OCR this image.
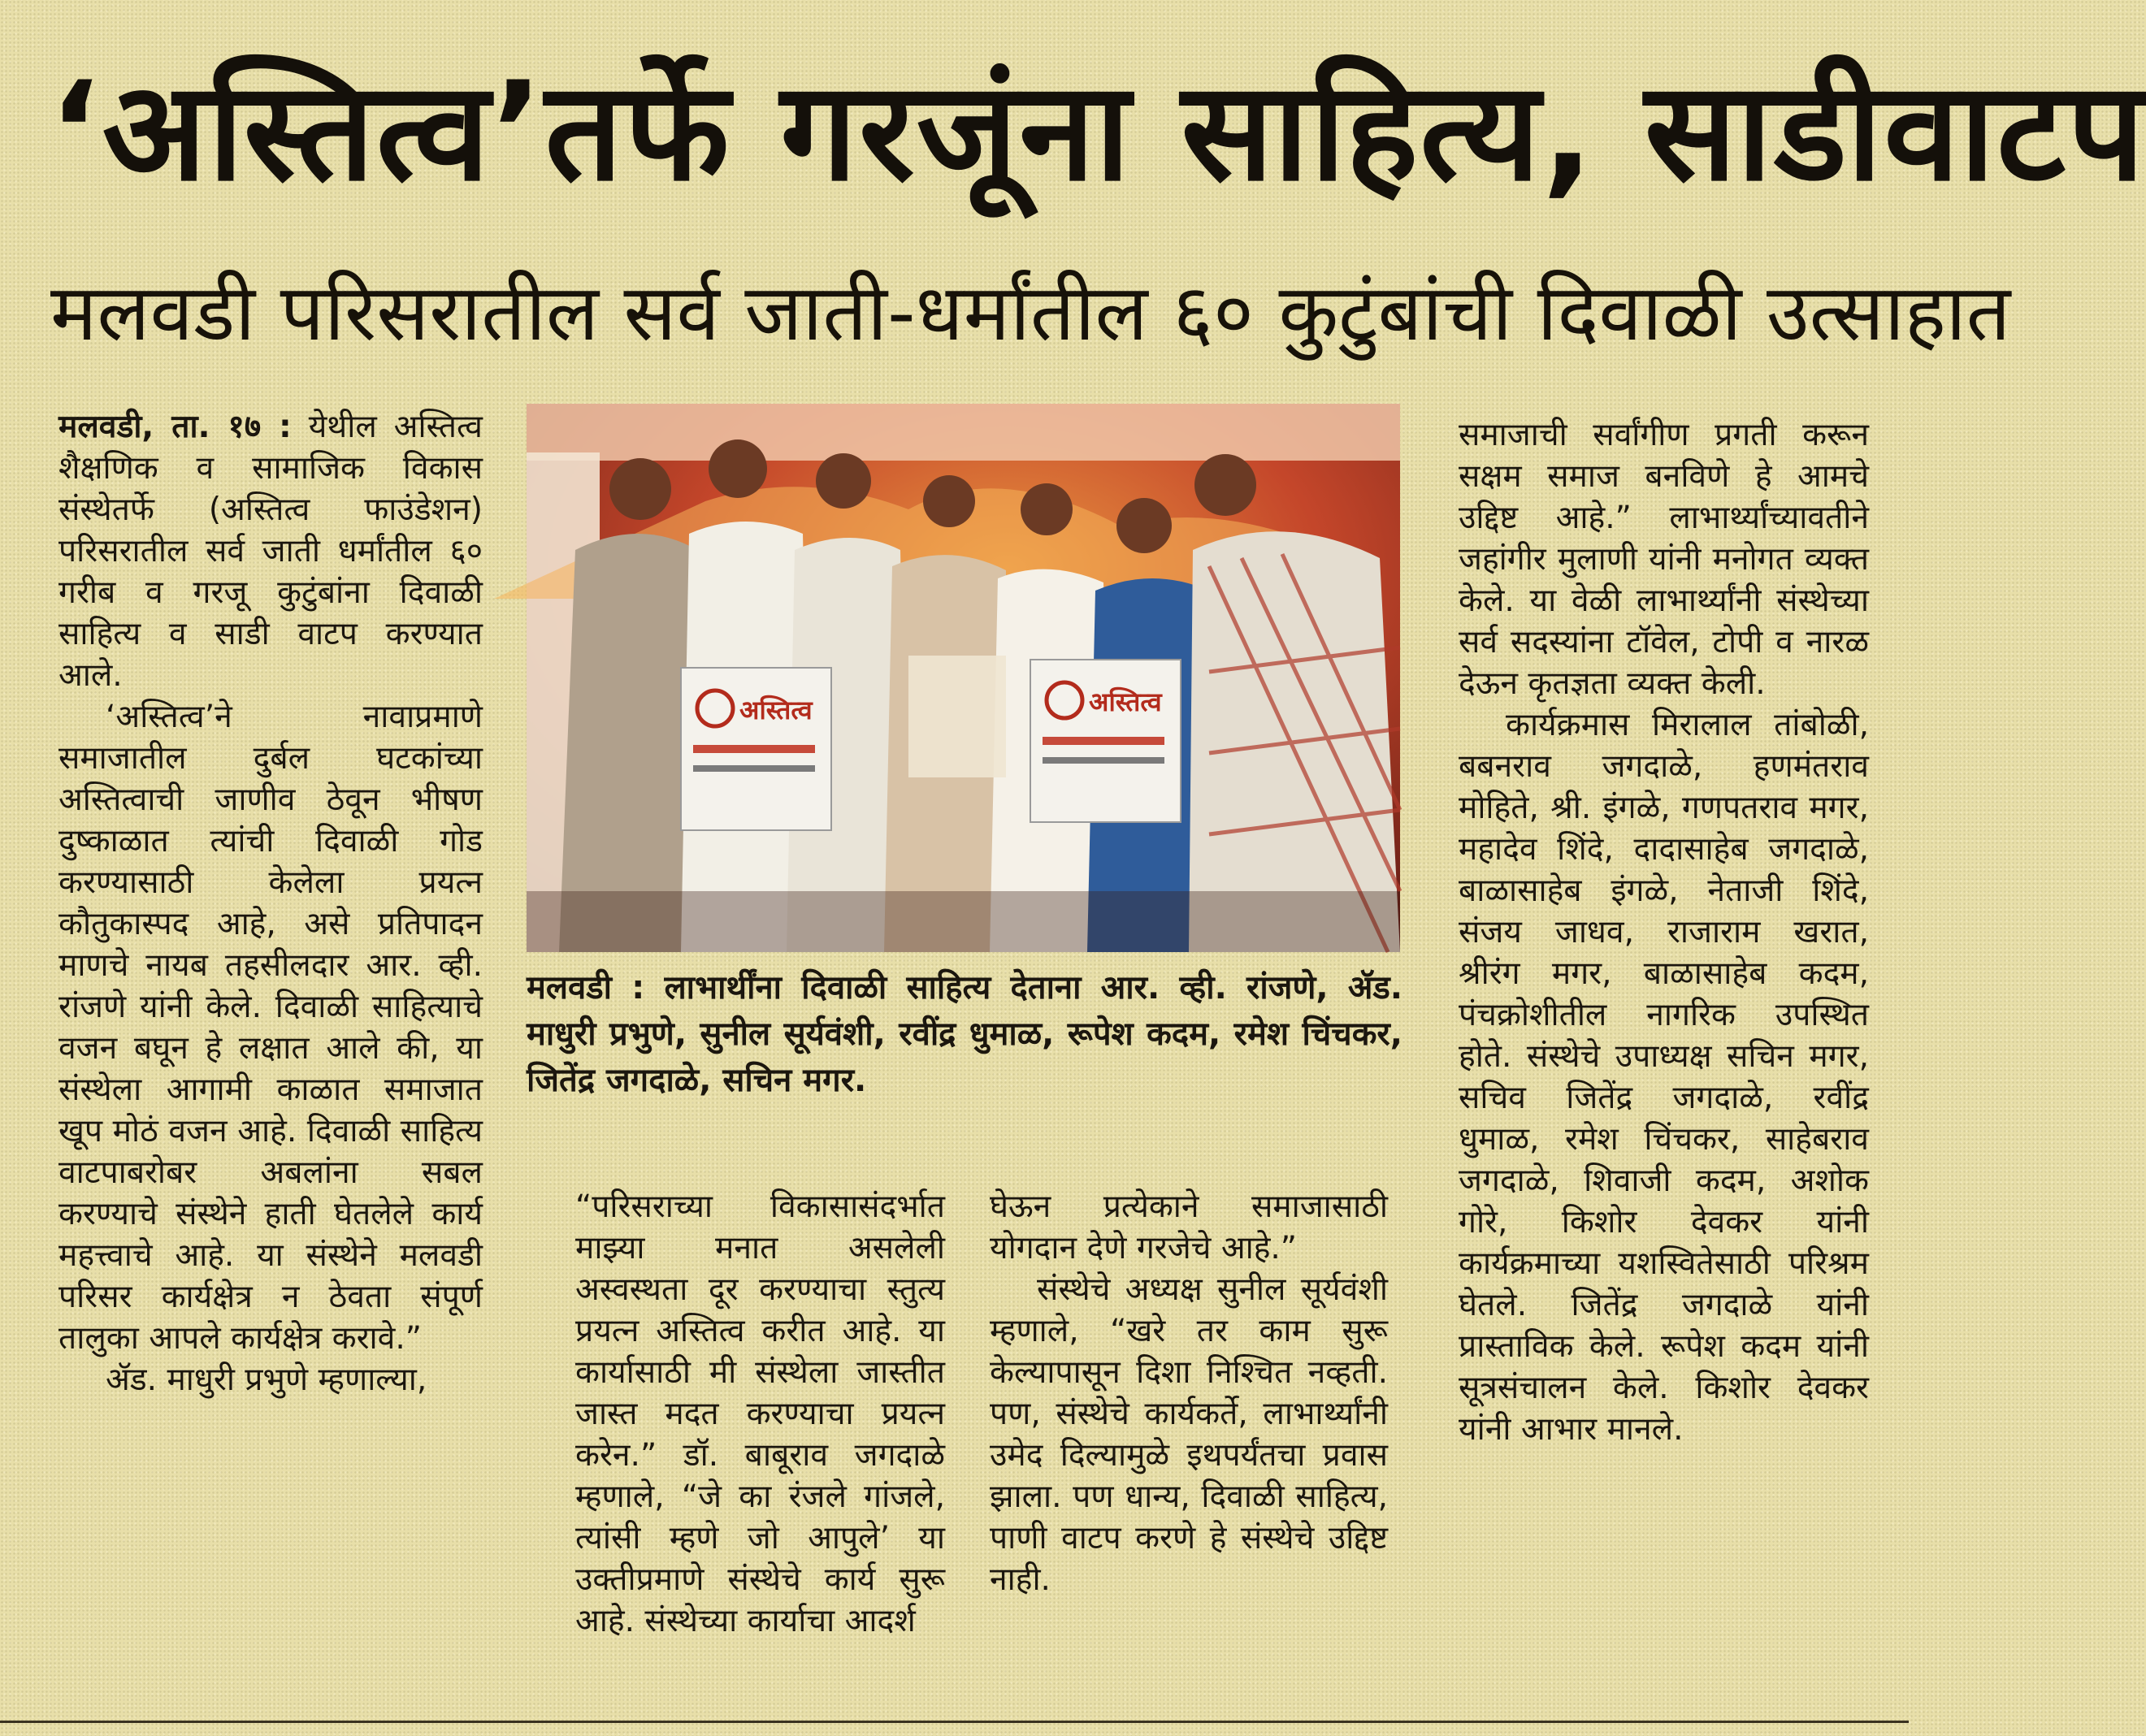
‘अस्तित्व’तर्फे गरजूंना साहित्य, साडीवाटप
मलवडी परिसरातील सर्व जाती-धर्मांतील ६० कुटुंबांची दिवाळी उत्साहात

मलवडी, ता. १७ : येथील अस्तित्व शैक्षणिक व सामाजिक विकास संस्थेतर्फे (अस्तित्व फाउंडेशन) परिसरातील सर्व जाती धर्मांतील ६० गरीब व गरजू कुटुंबांना दिवाळी साहित्य व साडी वाटप करण्यात आले.

‘अस्तित्व’ने नावाप्रमाणे समाजातील दुर्बल घटकांच्या अस्तित्वाची जाणीव ठेवून भीषण दुष्काळात त्यांची दिवाळी गोड करण्यासाठी केलेला प्रयत्न कौतुकास्पद आहे, असे प्रतिपादन माणचे नायब तहसीलदार आर. व्ही. रांजणे यांनी केले. दिवाळी साहित्याचे वजन बघून हे लक्षात आले की, या संस्थेला आगामी काळात समाजात खूप मोठं वजन आहे. दिवाळी साहित्य वाटपाबरोबर अबलांना सबल करण्याचे संस्थेने हाती घेतलेले कार्य महत्त्वाचे आहे. या संस्थेने मलवडी परिसर कार्यक्षेत्र न ठेवता संपूर्ण तालुका आपले कार्यक्षेत्र करावे.”

ॲड. माधुरी प्रभुणे म्हणाल्या,

अस्तित्व	अस्तित्व

मलवडी : लाभार्थींना दिवाळी साहित्य देताना आर. व्ही. रांजणे, ॲड. माधुरी प्रभुणे, सुनील सूर्यवंशी, रवींद्र धुमाळ, रूपेश कदम, रमेश चिंचकर, जितेंद्र जगदाळे, सचिन मगर.

“परिसराच्या विकासासंदर्भात माझ्या मनात असलेली अस्वस्थता दूर करण्याचा स्तुत्य प्रयत्न अस्तित्व करीत आहे. या कार्यासाठी मी संस्थेला जास्तीत जास्त मदत करण्याचा प्रयत्न करेन.” डॉ. बाबूराव जगदाळे म्हणाले, “जे का रंजले गांजले, त्यांसी म्हणे जो आपुले’ या उक्तीप्रमाणे संस्थेचे कार्य सुरू आहे. संस्थेच्या कार्याचा आदर्श

घेऊन प्रत्येकाने समाजासाठी योगदान देणे गरजेचे आहे.”

संस्थेचे अध्यक्ष सुनील सूर्यवंशी म्हणाले, “खरे तर काम सुरू केल्यापासून दिशा निश्चित नव्हती. पण, संस्थेचे कार्यकर्ते, लाभार्थ्यांनी उमेद दिल्यामुळे इथपर्यंतचा प्रवास झाला. पण धान्य, दिवाळी साहित्य, पाणी वाटप करणे हे संस्थेचे उद्दिष्ट नाही.

समाजाची सर्वांगीण प्रगती करून सक्षम समाज बनविणे हे आमचे उद्दिष्ट आहे.” लाभार्थ्यांच्यावतीने जहांगीर मुलाणी यांनी मनोगत व्यक्त केले. या वेळी लाभार्थ्यांनी संस्थेच्या सर्व सदस्यांना टॉवेल, टोपी व नारळ देऊन कृतज्ञता व्यक्त केली.

कार्यक्रमास मिरालाल तांबोळी, बबनराव जगदाळे, हणमंतराव मोहिते, श्री. इंगळे, गणपतराव मगर, महादेव शिंदे, दादासाहेब जगदाळे, बाळासाहेब इंगळे, नेताजी शिंदे, संजय जाधव, राजाराम खरात, श्रीरंग मगर, बाळासाहेब कदम, पंचक्रोशीतील नागरिक उपस्थित होते. संस्थेचे उपाध्यक्ष सचिन मगर, सचिव जितेंद्र जगदाळे, रवींद्र धुमाळ, रमेश चिंचकर, साहेबराव जगदाळे, शिवाजी कदम, अशोक गोरे, किशोर देवकर यांनी कार्यक्रमाच्या यशस्वितेसाठी परिश्रम घेतले. जितेंद्र जगदाळे यांनी प्रास्ताविक केले. रूपेश कदम यांनी सूत्रसंचालन केले. किशोर देवकर यांनी आभार मानले.
